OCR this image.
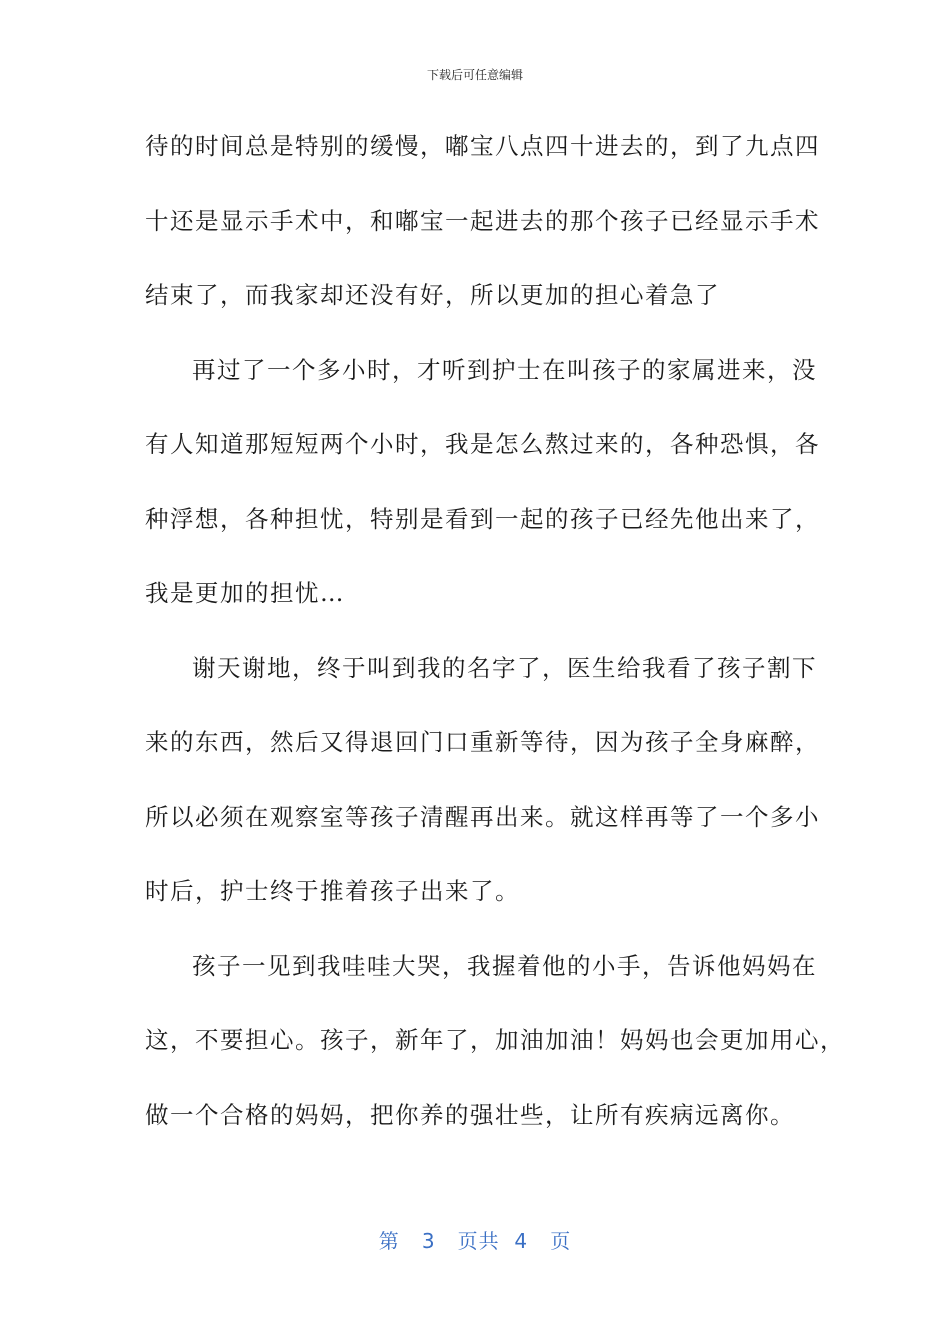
下载后可任意编辑
待的时间总是特别的缓慢，嘟宝八点四十进去的，到了九点四
十还是显示手术中，和嘟宝一起进去的那个孩子已经显示手术
结束了，而我家却还没有好，所以更加的担心着急了
再过了一个多小时，才听到护士在叫孩子的家属进来，没
有人知道那短短两个小时，我是怎么熬过来的，各种恐惧，各
种浮想，各种担忧，特别是看到一起的孩子已经先他出来了，
我是更加的担忧…
谢天谢地，终于叫到我的名字了，医生给我看了孩子割下
来的东西，然后又得退回门口重新等待，因为孩子全身麻醉，
所以必须在观察室等孩子清醒再出来。就这样再等了一个多小
时后，护士终于推着孩子出来了。
孩子一见到我哇哇大哭，我握着他的小手，告诉他妈妈在
这，不要担心。孩子，新年了，加油加油！妈妈也会更加用心，
做一个合格的妈妈，把你养的强壮些，让所有疾病远离你。
第 3 页共 4 页
